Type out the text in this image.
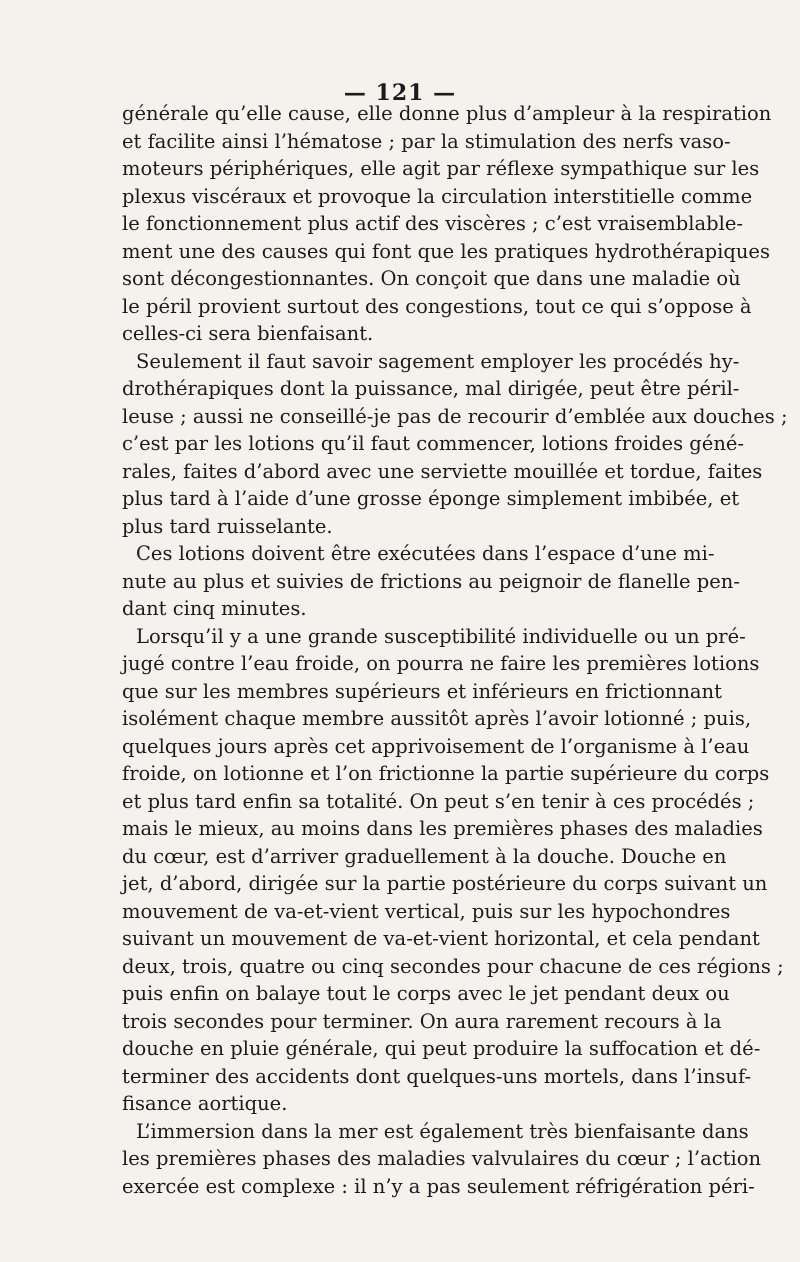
— 121 —
générale qu’elle cause, elle donne plus d’ampleur à la respiration
et facilite ainsi l’hématose ; par la stimulation des nerfs vaso-
moteurs périphériques, elle agit par réflexe sympathique sur les
plexus viscéraux et provoque la circulation interstitielle comme
le fonctionnement plus actif des viscères ; c’est vraisemblable-
ment une des causes qui font que les pratiques hydrothérapiques
sont décongestionnantes. On conçoit que dans une maladie où
le péril provient surtout des congestions, tout ce qui s’oppose à
celles-ci sera bienfaisant.
Seulement il faut savoir sagement employer les procédés hy-
drothérapiques dont la puissance, mal dirigée, peut être péril-
leuse ; aussi ne conseillé-je pas de recourir d’emblée aux douches ;
c’est par les lotions qu’il faut commencer, lotions froides géné-
rales, faites d’abord avec une serviette mouillée et tordue, faites
plus tard à l’aide d’une grosse éponge simplement imbibée, et
plus tard ruisselante.
Ces lotions doivent être exécutées dans l’espace d’une mi-
nute au plus et suivies de frictions au peignoir de flanelle pen-
dant cinq minutes.
Lorsqu’il y a une grande susceptibilité individuelle ou un pré-
jugé contre l’eau froide, on pourra ne faire les premières lotions
que sur les membres supérieurs et inférieurs en frictionnant
isolément chaque membre aussitôt après l’avoir lotionné ; puis,
quelques jours après cet apprivoisement de l’organisme à l’eau
froide, on lotionne et l’on frictionne la partie supérieure du corps
et plus tard enfin sa totalité. On peut s’en tenir à ces procédés ;
mais le mieux, au moins dans les premières phases des maladies
du cœur, est d’arriver graduellement à la douche. Douche en
jet, d’abord, dirigée sur la partie postérieure du corps suivant un
mouvement de va-et-vient vertical, puis sur les hypochondres
suivant un mouvement de va-et-vient horizontal, et cela pendant
deux, trois, quatre ou cinq secondes pour chacune de ces régions ;
puis enfin on balaye tout le corps avec le jet pendant deux ou
trois secondes pour terminer. On aura rarement recours à la
douche en pluie générale, qui peut produire la suffocation et dé-
terminer des accidents dont quelques-uns mortels, dans l’insuf-
fisance aortique.
L’immersion dans la mer est également très bienfaisante dans
les premières phases des maladies valvulaires du cœur ; l’action
exercée est complexe : il n’y a pas seulement réfrigération péri-
